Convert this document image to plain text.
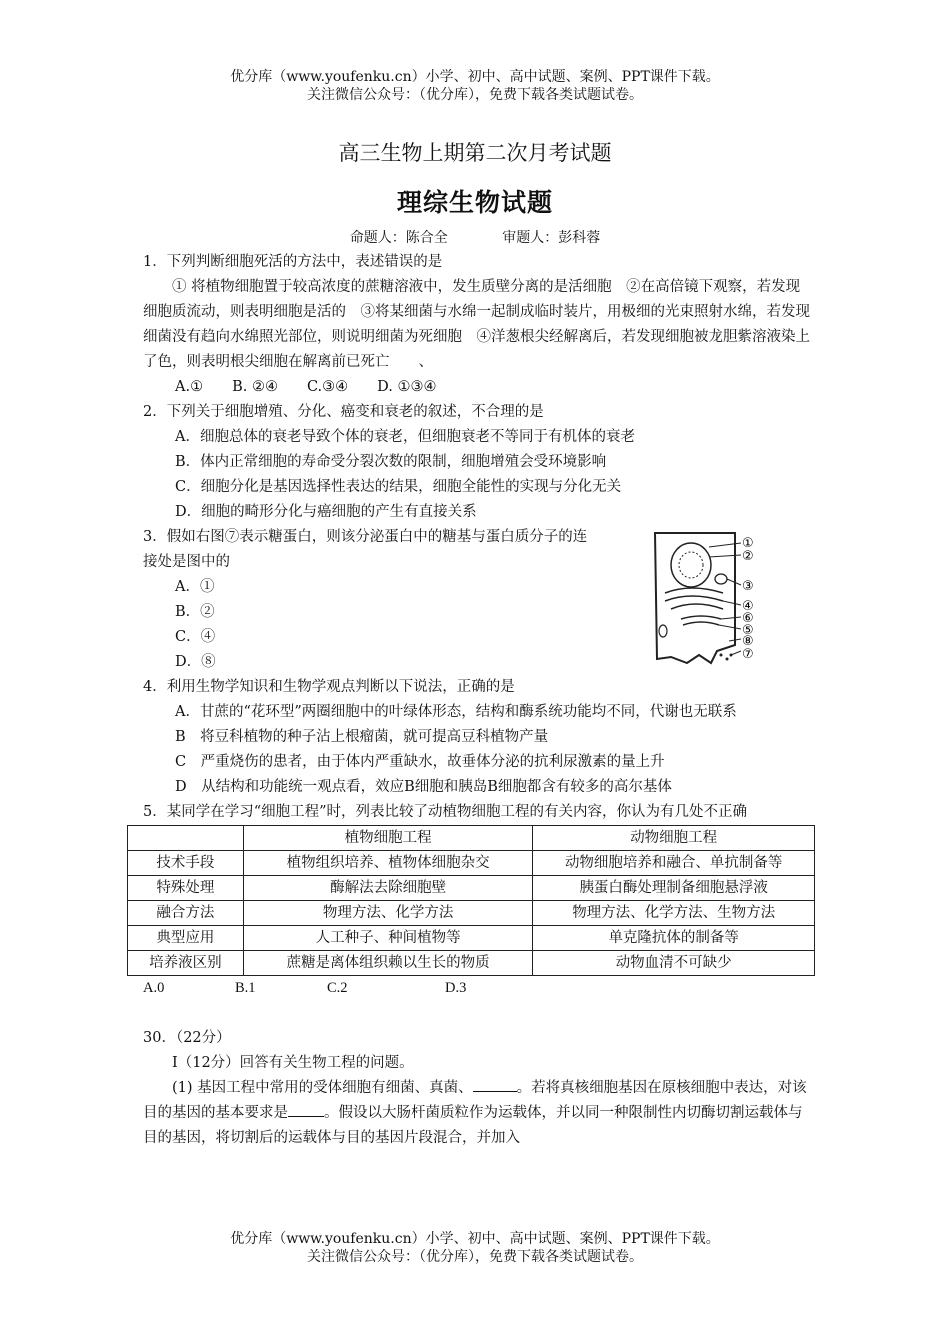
优分库（www.youfenku.cn）小学、初中、高中试题、案例、PPT课件下载。
关注微信公众号：（优分库），免费下载各类试题试卷。
高三生物上期第二次月考试题
理综生物试题
命题人：陈合全	审题人：彭科蓉

1．下列判断细胞死活的方法中，表述错误的是

① 将植物细胞置于较高浓度的蔗糖溶液中，发生质壁分离的是活细胞　②在高倍镜下观察，若发现细胞质流动，则表明细胞是活的　③将某细菌与水绵一起制成临时装片，用极细的光束照射水绵，若发现细菌没有趋向水绵照光部位，则说明细菌为死细胞　④洋葱根尖经解离后，若发现细胞被龙胆紫溶液染上了色，则表明根尖细胞在解离前已死亡　　、

A.①　　B. ②④　　C.③④　　D. ①③④

2．下列关于细胞增殖、分化、癌变和衰老的叙述，不合理的是

A．细胞总体的衰老导致个体的衰老，但细胞衰老不等同于有机体的衰老

B．体内正常细胞的寿命受分裂次数的限制，细胞增殖会受环境影响

C．细胞分化是基因选择性表达的结果，细胞全能性的实现与分化无关

D．细胞的畸形分化与癌细胞的产生有直接关系

3．假如右图⑦表示糖蛋白，则该分泌蛋白中的糖基与蛋白质分子的连接处是图中的

A．①

B．②

C．④

D．⑧

①
②
③
④
⑥
⑤
⑧
⑦

4．利用生物学知识和生物学观点判断以下说法，正确的是

A．甘蔗的“花环型”两圈细胞中的叶绿体形态，结构和酶系统功能均不同，代谢也无联系

B　将豆科植物的种子沾上根瘤菌，就可提高豆科植物产量

C　严重烧伤的患者，由于体内严重缺水，故垂体分泌的抗利尿激素的量上升

D　从结构和功能统一观点看，效应B细胞和胰岛B细胞都含有较多的高尔基体

5．某同学在学习“细胞工程”时，列表比较了动植物细胞工程的有关内容，你认为有几处不正确

	植物细胞工程	动物细胞工程
技术手段	植物组织培养、植物体细胞杂交	动物细胞培养和融合、单抗制备等
特殊处理	酶解法去除细胞壁	胰蛋白酶处理制备细胞悬浮液
融合方法	物理方法、化学方法	物理方法、化学方法、生物方法
典型应用	人工种子、种间植物等	单克隆抗体的制备等
培养液区别	蔗糖是离体组织赖以生长的物质	动物血清不可缺少

A.0	B.1	C.2	D.3

30．（22分）

Ⅰ（12分）回答有关生物工程的问题。

(1) 基因工程中常用的受体细胞有细菌、真菌、	。若将真核细胞基因在原核细胞中表达，对该目的基因的基本要求是 。假设以大肠杆菌质粒作为运载体，并以同一种限制性内切酶切割运载体与目的基因，将切割后的运载体与目的基因片段混合，并加入

优分库（www.youfenku.cn）小学、初中、高中试题、案例、PPT课件下载。
关注微信公众号：（优分库），免费下载各类试题试卷。
